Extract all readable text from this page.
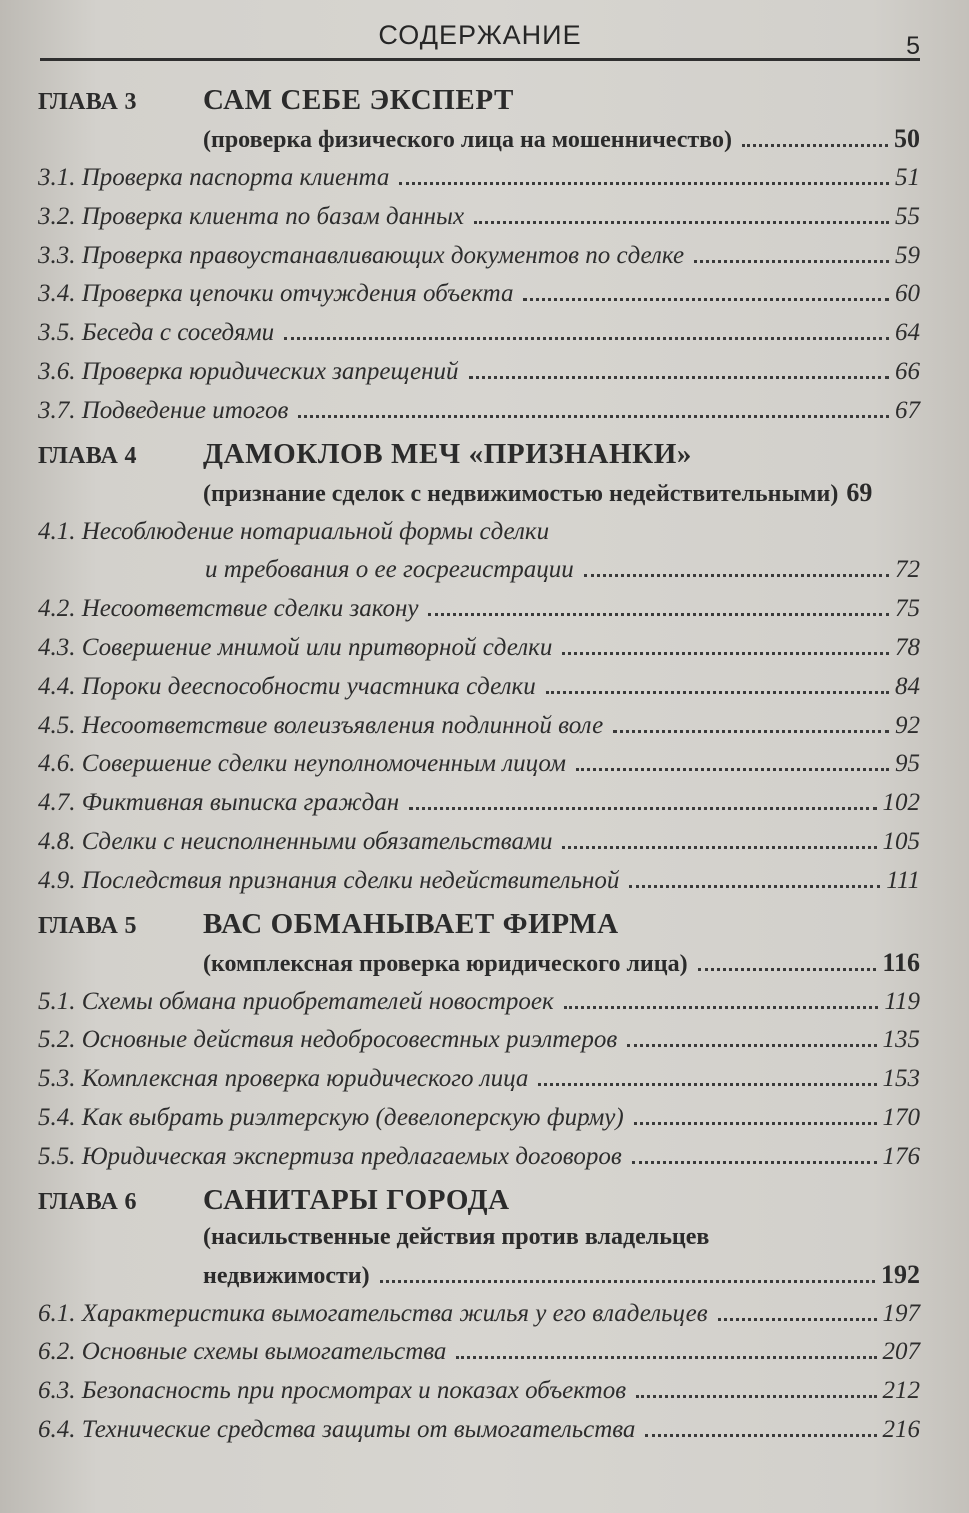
СОДЕРЖАНИЕ	5
ГЛАВА 3	САМ СЕБЕ ЭКСПЕРТ
(проверка физического лица на мошенничество)	50
3.1. Проверка паспорта клиента	51
3.2. Проверка клиента по базам данных	55
3.3. Проверка правоустанавливающих документов по сделке	59
3.4. Проверка цепочки отчуждения объекта	60
3.5. Беседа с соседями	64
3.6. Проверка юридических запрещений	66
3.7. Подведение итогов	67
ГЛАВА 4	ДАМОКЛОВ МЕЧ «ПРИЗНАНКИ»
(признание сделок с недвижимостью недействительными) 69
4.1. Несоблюдение нотариальной формы сделки
и требования о ее госрегистрации	72
4.2. Несоответствие сделки закону	75
4.3. Совершение мнимой или притворной сделки	78
4.4. Пороки дееспособности участника сделки	84
4.5. Несоответствие волеизъявления подлинной воле	92
4.6. Совершение сделки неуполномоченным лицом	95
4.7. Фиктивная выписка граждан	102
4.8. Сделки с неисполненными обязательствами	105
4.9. Последствия признания сделки недействительной	111
ГЛАВА 5	ВАС ОБМАНЫВАЕТ ФИРМА
(комплексная проверка юридического лица)	116
5.1. Схемы обмана приобретателей новостроек	119
5.2. Основные действия недобросовестных риэлтеров	135
5.3. Комплексная проверка юридического лица	153
5.4. Как выбрать риэлтерскую (девелоперскую фирму)	170
5.5. Юридическая экспертиза предлагаемых договоров	176
ГЛАВА 6	САНИТАРЫ ГОРОДА
(насильственные действия против владельцев
недвижимости)	192
6.1. Характеристика вымогательства жилья у его владельцев	197
6.2. Основные схемы вымогательства	207
6.3. Безопасность при просмотрах и показах объектов	212
6.4. Технические средства защиты от вымогательства	216
